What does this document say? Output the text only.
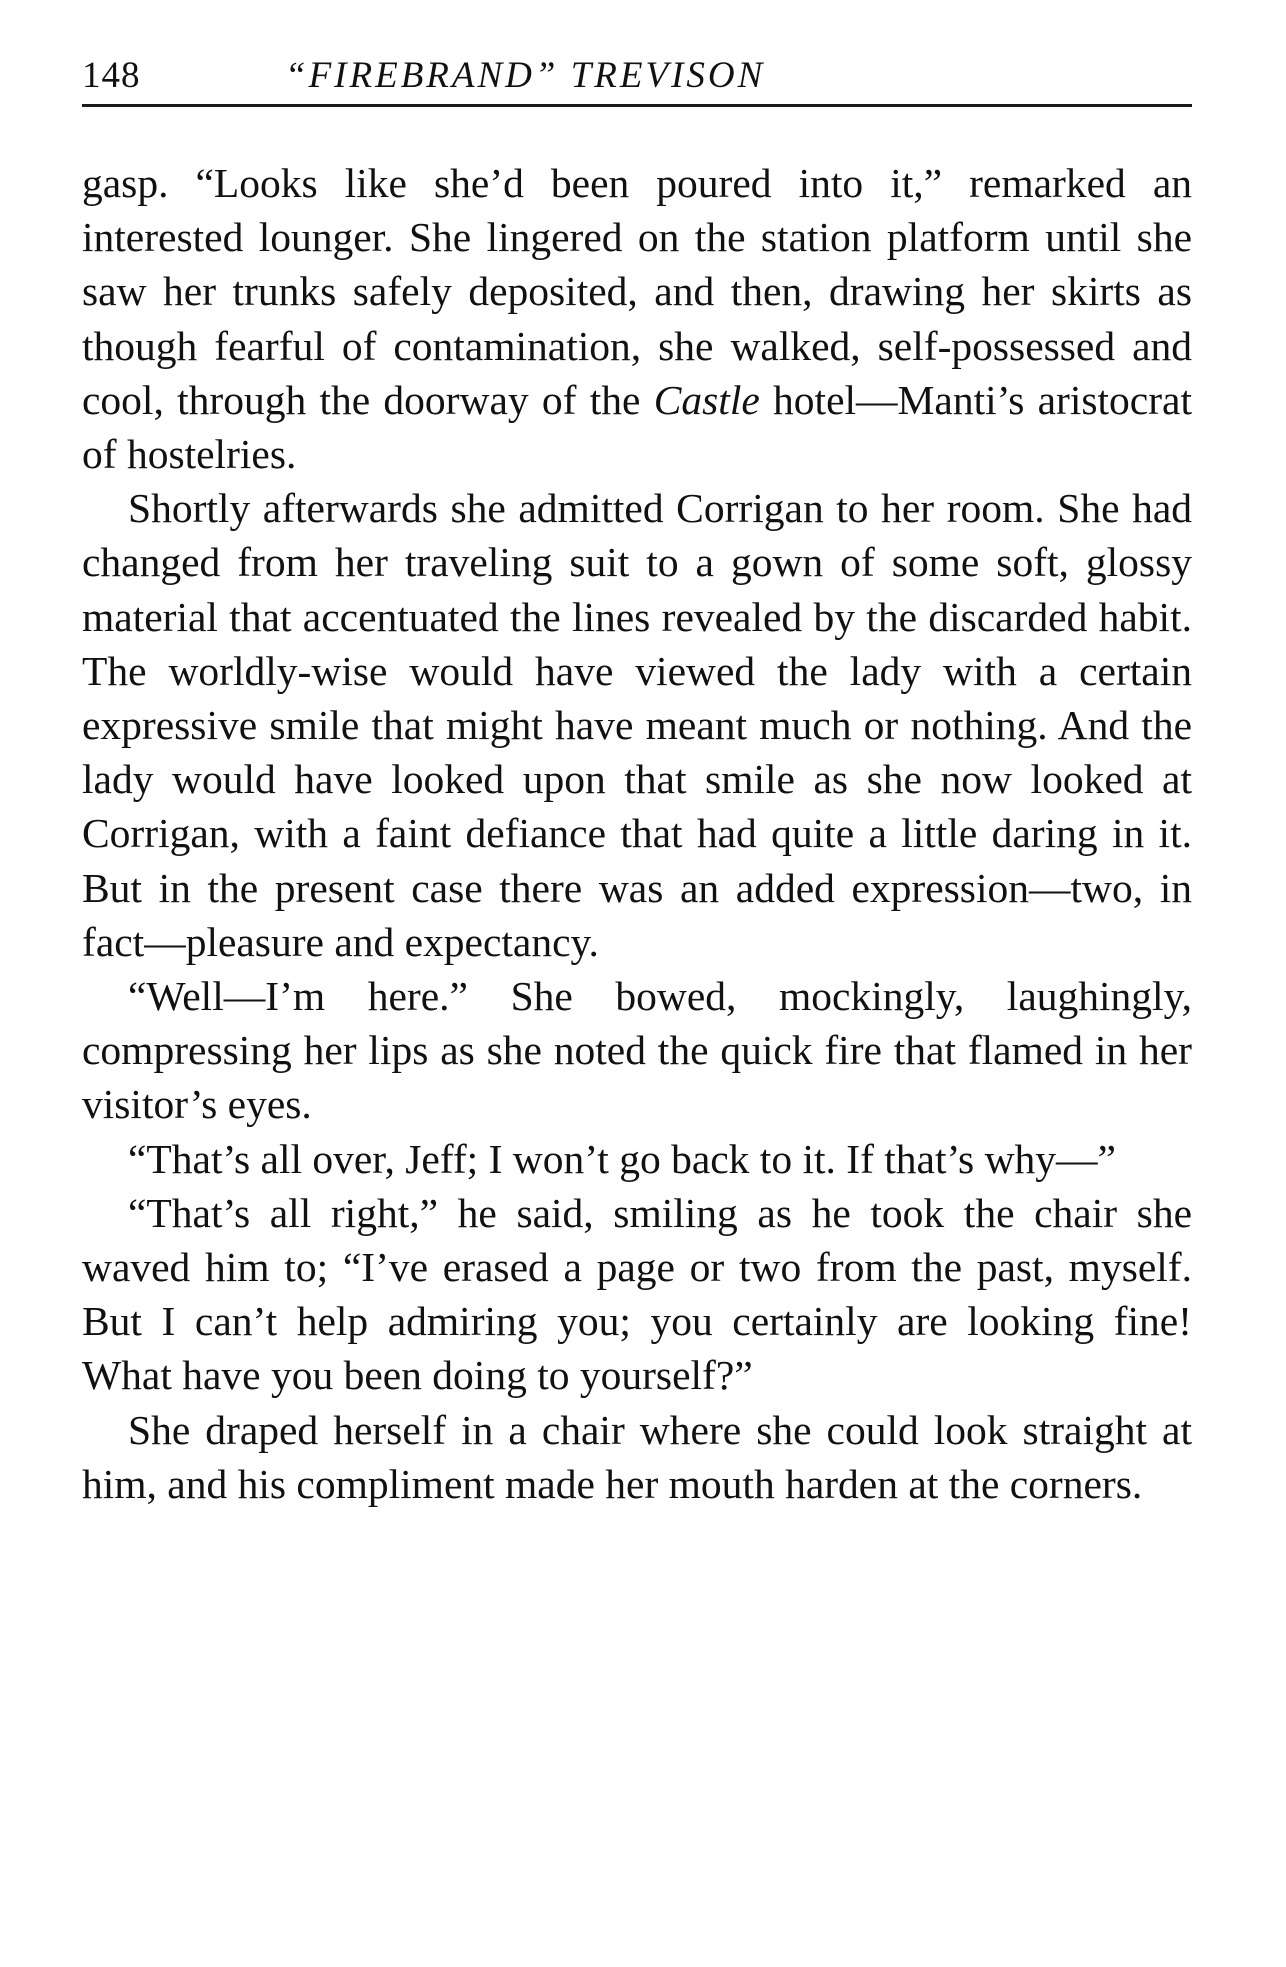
148	“FIREBRAND” TREVISON

gasp. “Looks like she’d been poured into it,” remarked an interested lounger. She lingered on the station platform until she saw her trunks safely deposited, and then, drawing her skirts as though fearful of contamination, she walked, self-possessed and cool, through the doorway of the Castle hotel—Manti’s aristocrat of hostelries.

Shortly afterwards she admitted Corrigan to her room. She had changed from her traveling suit to a gown of some soft, glossy material that accentuated the lines revealed by the discarded habit. The worldly-wise would have viewed the lady with a certain expressive smile that might have meant much or nothing. And the lady would have looked upon that smile as she now looked at Corrigan, with a faint defiance that had quite a little daring in it. But in the present case there was an added expression—two, in fact—pleasure and expectancy.

“Well—I’m here.” She bowed, mockingly, laughingly, compressing her lips as she noted the quick fire that flamed in her visitor’s eyes.

“That’s all over, Jeff; I won’t go back to it. If that’s why—”

“That’s all right,” he said, smiling as he took the chair she waved him to; “I’ve erased a page or two from the past, myself. But I can’t help admiring you; you certainly are looking fine! What have you been doing to yourself?”

She draped herself in a chair where she could look straight at him, and his compliment made her mouth harden at the corners.
